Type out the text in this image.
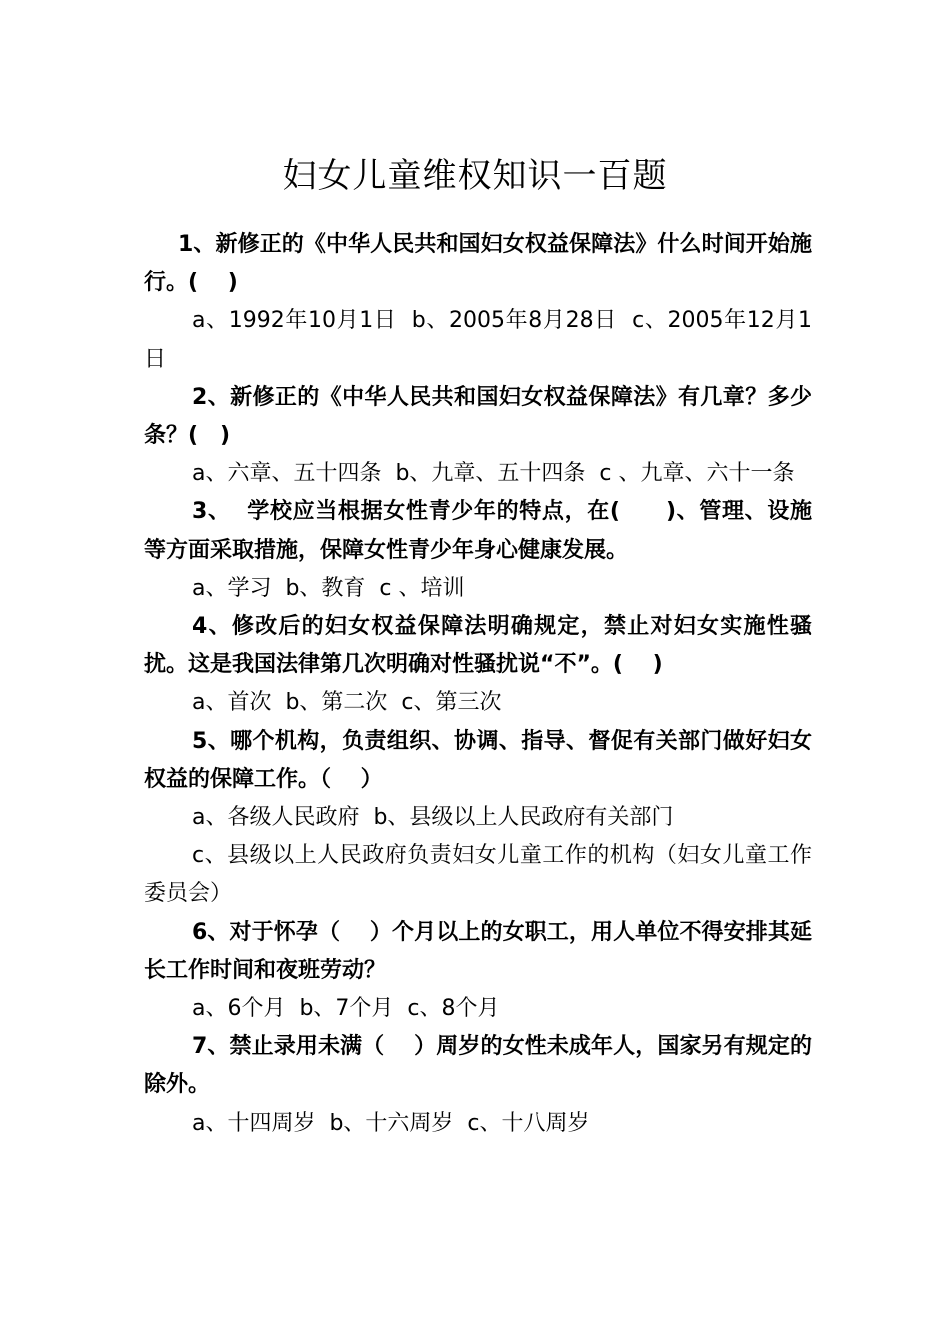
妇女儿童维权知识一百题

1、新修正的《中华人民共和国妇女权益保障法》什么时间开始施行。(　 )

a、1992年10月1日  b、2005年8月28日  c、2005年12月1日

2、新修正的《中华人民共和国妇女权益保障法》有几章？多少条？(　)

a、六章、五十四条  b、九章、五十四条  c 、九章、六十一条

3、  学校应当根据女性青少年的特点，在(　　)、管理、设施等方面采取措施，保障女性青少年身心健康发展。

a、学习  b、教育  c 、培训

4、修改后的妇女权益保障法明确规定，禁止对妇女实施性骚扰。这是我国法律第几次明确对性骚扰说“不”。(　 )

a、首次  b、第二次  c、第三次

5、哪个机构，负责组织、协调、指导、督促有关部门做好妇女权益的保障工作。（　 ）

a、各级人民政府  b、县级以上人民政府有关部门

c、县级以上人民政府负责妇女儿童工作的机构（妇女儿童工作委员会）

6、对于怀孕（　 ）个月以上的女职工，用人单位不得安排其延长工作时间和夜班劳动？

a、6个月  b、7个月  c、8个月

7、禁止录用未满（　 ）周岁的女性未成年人，国家另有规定的除外。

a、十四周岁  b、十六周岁  c、十八周岁
